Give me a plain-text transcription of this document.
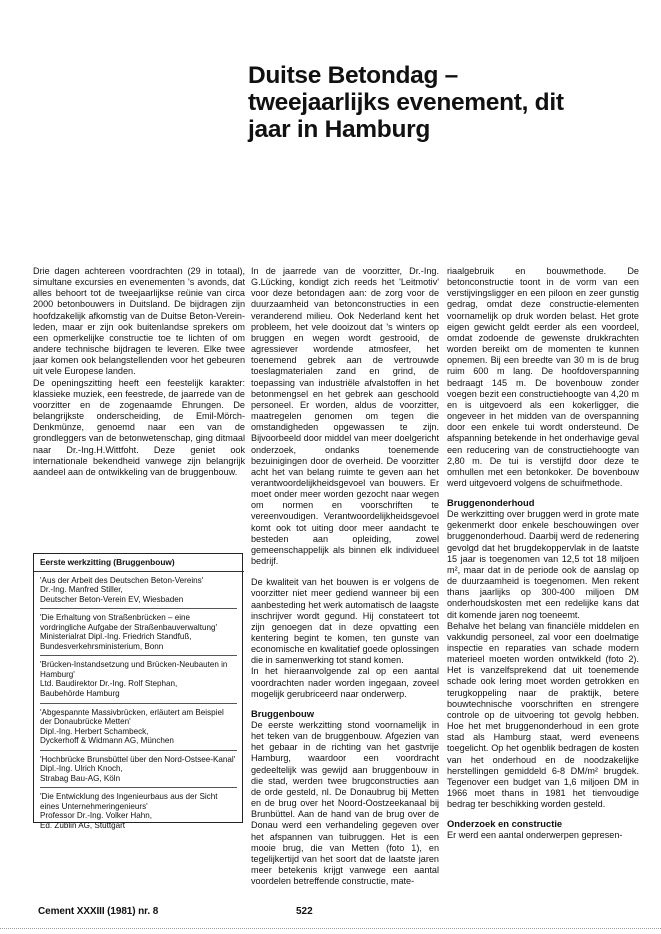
Duitse Betondag –
tweejaarlijks evenement, dit
jaar in Hamburg

Drie dagen achtereen voordrachten (29 in totaal), simultane excursies en evenementen 's avonds, dat alles behoort tot de tweejaarlijkse reünie van circa 2000 betonbouwers in Duitsland. De bijdragen zijn hoofdzakelijk afkomstig van de Duitse Beton-Verein-leden, maar er zijn ook buitenlandse sprekers om een opmerkelijke constructie toe te lichten of om andere technische bijdragen te leveren. Elke twee jaar komen ook belangstellenden voor het gebeuren uit vele Europese landen.

De openingszitting heeft een feestelijk karakter: klassieke muziek, een feestrede, de jaarrede van de voorzitter en de zogenaamde Ehrungen. De belangrijkste onderscheiding, de Emil-Mörch-Denkmünze, genoemd naar een van de grondleggers van de betonwetenschap, ging ditmaal naar Dr.-Ing.H.Wittfoht. Deze geniet ook internationale bekendheid vanwege zijn belangrijk aandeel aan de ontwikkeling van de bruggenbouw.

Eerste werkzitting (Bruggenbouw)
'Aus der Arbeit des Deutschen Beton-Vereins'
Dr.-Ing. Manfred Stiller,
Deutscher Beton-Verein EV, Wiesbaden
'Die Erhaltung von Straßenbrücken – eine vordringliche Aufgabe der Straßenbauverwaltung'
Ministerialrat Dipl.-Ing. Friedrich Standfuß,
Bundesverkehrsministerium, Bonn
'Brücken-Instandsetzung und Brücken-Neubauten in Hamburg'
Ltd. Baudirektor Dr.-Ing. Rolf Stephan,
Baubehörde Hamburg
'Abgespannte Massivbrücken, erläutert am Beispiel der Donaubrücke Metten'
Dipl.-Ing. Herbert Schambeck,
Dyckerhoff & Widmann AG, München
'Hochbrücke Brunsbüttel über den Nord-Ostsee-Kanal'
Dipl.-Ing. Ulrich Knoch,
Strabag Bau-AG, Köln
'Die Entwicklung des Ingenieurbaus aus der Sicht eines Unternehmeringenieurs'
Professor Dr.-Ing. Volker Hahn,
Ed. Züblin AG, Stuttgart

In de jaarrede van de voorzitter, Dr.-Ing. G.Lücking, kondigt zich reeds het 'Leitmotiv' voor deze betondagen aan: de zorg voor de duurzaamheid van betonconstructies in een veranderend milieu. Ook Nederland kent het probleem, het vele dooizout dat 's winters op bruggen en wegen wordt gestrooid, de agressiever wordende atmosfeer, het toenemend gebrek aan de vertrouwde toeslagmaterialen zand en grind, de toepassing van industriële afvalstoffen in het betonmengsel en het gebrek aan geschoold personeel. Er worden, aldus de voorzitter, maatregelen genomen om tegen die omstandigheden opgewassen te zijn. Bijvoorbeeld door middel van meer doelgericht onderzoek, ondanks toenemende bezuinigingen door de overheid. De voorzitter acht het van belang ruimte te geven aan het verantwoordelijkheidsgevoel van bouwers. Er moet onder meer worden gezocht naar wegen om normen en voorschriften te vereenvoudigen. Verantwoordelijkheidsgevoel komt ook tot uiting door meer aandacht te besteden aan opleiding, zowel gemeenschappelijk als binnen elk individueel bedrijf.

De kwaliteit van het bouwen is er volgens de voorzitter niet meer gediend wanneer bij een aanbesteding het werk automatisch de laagste inschrijver wordt gegund. Hij constateert tot zijn genoegen dat in deze opvatting een kentering begint te komen, ten gunste van economische en kwalitatief goede oplossingen die in samenwerking tot stand komen.
In het hieraanvolgende zal op een aantal voordrachten nader worden ingegaan, zoveel mogelijk gerubriceerd naar onderwerp.

Bruggenbouw

De eerste werkzitting stond voornamelijk in het teken van de bruggenbouw. Afgezien van het gebaar in de richting van het gastvrije Hamburg, waardoor een voordracht gedeeltelijk was gewijd aan bruggenbouw in die stad, werden twee brugconstructies aan de orde gesteld, nl. De Donaubrug bij Metten en de brug over het Noord-Oostzeekanaal bij Brunbüttel. Aan de hand van de brug over de Donau werd een verhandeling gegeven over het afspannen van tuibruggen. Het is een mooie brug, die van Metten (foto 1), en tegelijkertijd van het soort dat de laatste jaren meer betekenis krijgt vanwege een aantal voordelen betreffende constructie, mate-

riaalgebruik en bouwmethode. De betonconstructie toont in de vorm van een verstijvingsligger en een piloon en zeer gunstig gedrag, omdat deze constructie-elementen voornamelijk op druk worden belast. Het grote eigen gewicht geldt eerder als een voordeel, omdat zodoende de gewenste drukkrachten worden bereikt om de momenten te kunnen opnemen. Bij een breedte van 30 m is de brug ruim 600 m lang. De hoofdoverspanning bedraagt 145 m. De bovenbouw zonder voegen bezit een constructiehoogte van 4,20 m en is uitgevoerd als een kokerligger, die ongeveer in het midden van de overspanning door een enkele tui wordt ondersteund. De afspanning betekende in het onderhavige geval een reducering van de constructiehoogte van 2,80 m. De tui is verstijfd door deze te omhullen met een betonkoker. De bovenbouw werd uitgevoerd volgens de schuifmethode.

Bruggenonderhoud

De werkzitting over bruggen werd in grote mate gekenmerkt door enkele beschouwingen over bruggenonderhoud. Daarbij werd de redenering gevolgd dat het brugdekoppervlak in de laatste 15 jaar is toegenomen van 12,5 tot 18 miljoen m², maar dat in de periode ook de aanslag op de duurzaamheid is toegenomen. Men rekent thans jaarlijks op 300-400 miljoen DM onderhoudskosten met een redelijke kans dat dit komende jaren nog toeneemt.
Behalve het belang van financiële middelen en vakkundig personeel, zal voor een doelmatige inspectie en reparaties van schade modern materieel moeten worden ontwikkeld (foto 2). Het is vanzelfsprekend dat uit toenemende schade ook lering moet worden getrokken en terugkoppeling naar de praktijk, betere bouwtechnische voorschriften en strengere controle op de uitvoering tot gevolg hebben. Hoe het met bruggenonderhoud in een grote stad als Hamburg staat, werd eveneens toegelicht. Op het ogenblik bedragen de kosten van het onderhoud en de noodzakelijke herstellingen gemiddeld 6-8 DM/m² brugdek. Tegenover een budget van 1,6 miljoen DM in 1966 moet thans in 1981 het tienvoudige bedrag ter beschikking worden gesteld.

Onderzoek en constructie

Er werd een aantal onderwerpen gepresen-

Cement XXXIII (1981) nr. 8	522
